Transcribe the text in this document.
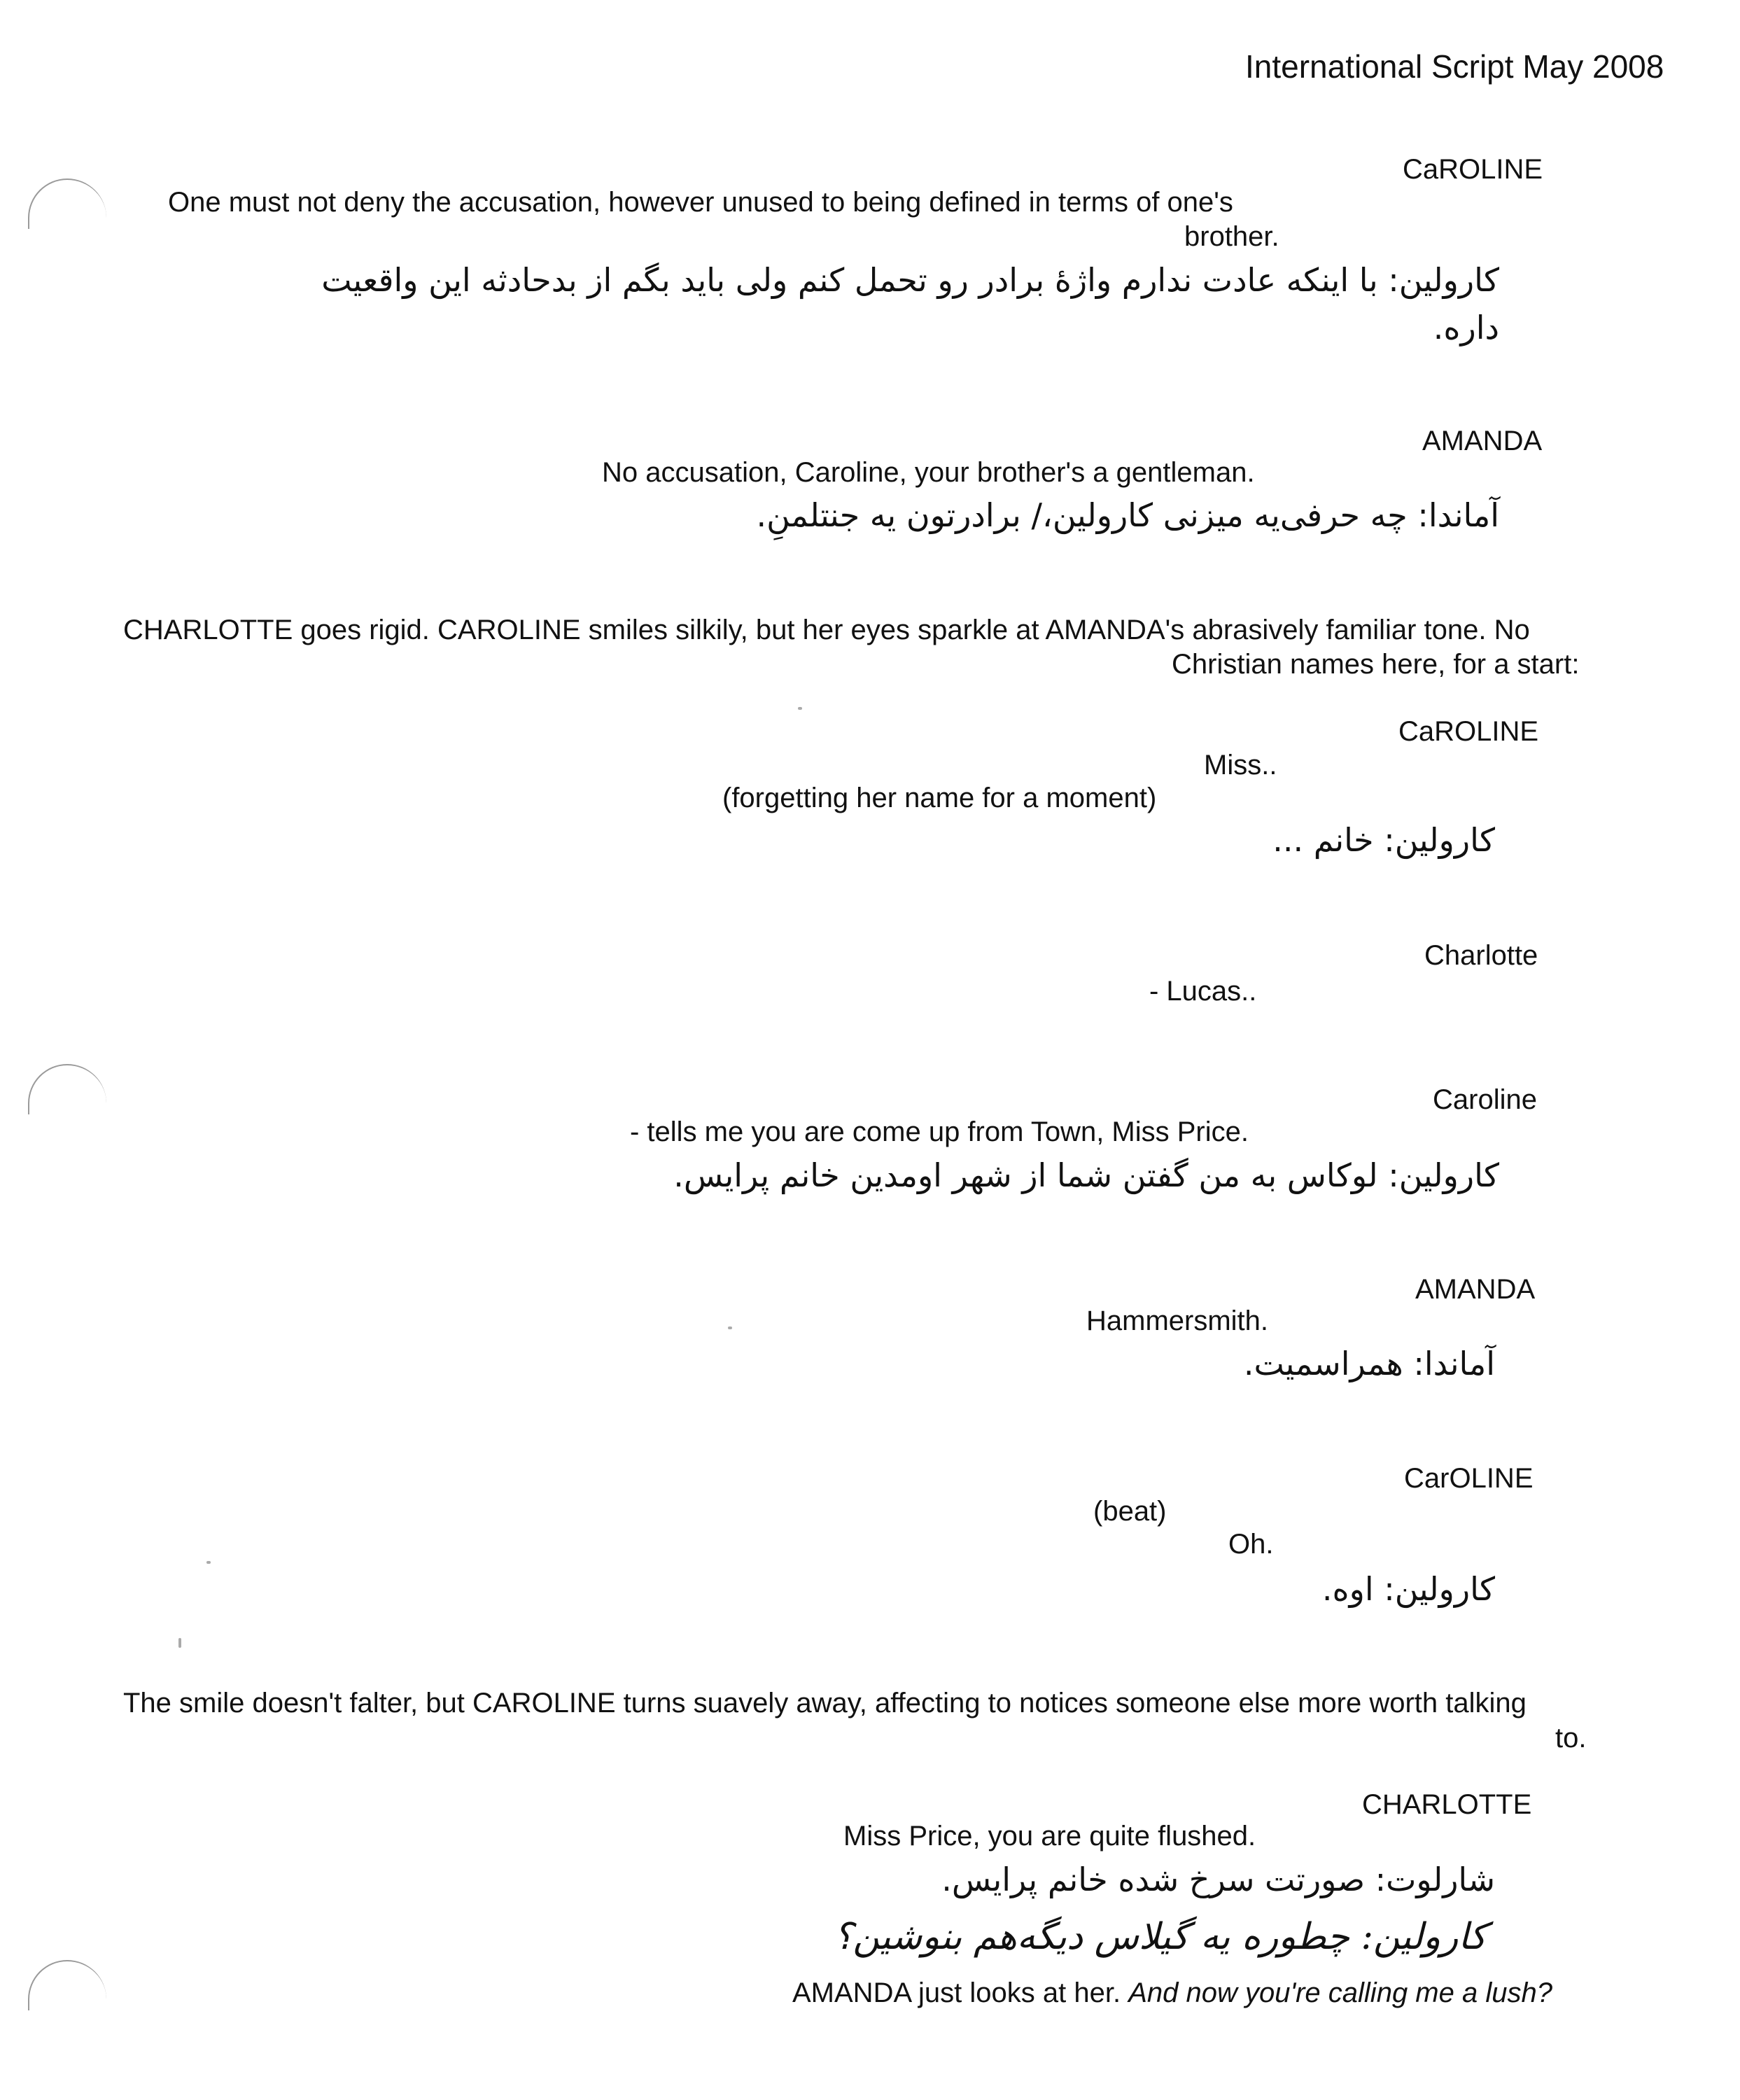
International Script May 2008
CaROLINE
One must not deny the accusation, however unused to being defined in terms of one's
brother.
کارولین: با اینکه عادت ندارم واژهٔ برادر رو تحمل کنم ولی باید بگم از بدحادثه این واقعیت
داره.
AMANDA
No accusation, Caroline, your brother's a gentleman.
آماندا: چه حرفی‌یه میزنی کارولین،/ برادرتون یه جنتلمنِ.
CHARLOTTE goes rigid. CAROLINE smiles silkily, but her eyes sparkle at AMANDA's abrasively familiar tone. No
Christian names here, for a start:
CaROLINE
Miss..
(forgetting her name for a moment)
کارولین: خانم ...
Charlotte
- Lucas..
Caroline
- tells me you are come up from Town, Miss Price.
کارولین: لوکاس به من گفتن شما از شهر اومدین خانم پرایس.
AMANDA
Hammersmith.
آماندا: همراسمیت.
CarOLINE
(beat)
Oh.
کارولین: اوه.
The smile doesn't falter, but CAROLINE turns suavely away, affecting to notices someone else more worth talking
to.
CHARLOTTE
Miss Price, you are quite flushed.
شارلوت: صورتت سرخ شده خانم پرایس.
کارولین: چطوره یه گیلاس دیگه‌هم بنوشین؟
AMANDA just looks at her. And now you're calling me a lush?
